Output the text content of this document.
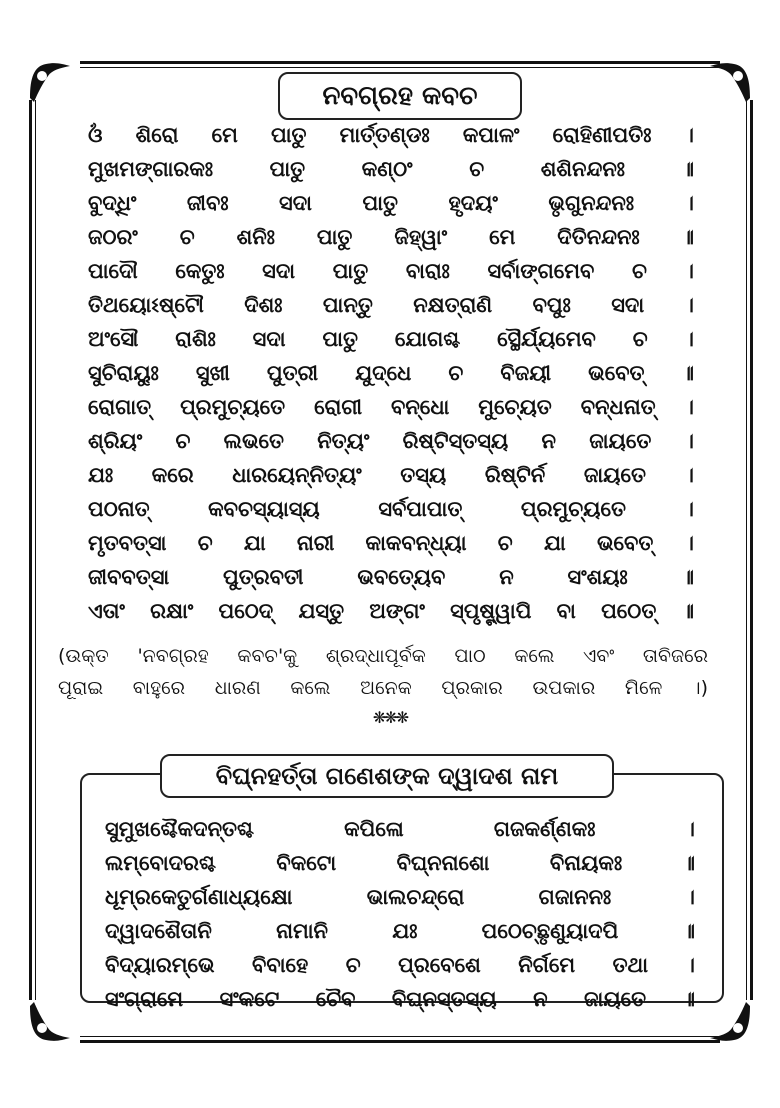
ନବଗ୍ରହ କବଚ
ଓଁ ଶିରୋ ମେ ପାତୁ ମାର୍ତ୍ତଣ୍ଡଃ କପାଳଂ ରୋହିଣୀପତିଃ ।
ମୁଖମଙ୍ଗାରକଃ ପାତୁ କଣ୍ଠଂ ଚ ଶଶିନନ୍ଦନଃ ॥
ବୁଦ୍ଧିଂ ଜୀବଃ ସଦା ପାତୁ ହୃଦୟଂ ଭୃଗୁନନ୍ଦନଃ ।
ଜଠରଂ ଚ ଶନିଃ ପାତୁ ଜିହ୍ୱାଂ ମେ ଦିତିନନ୍ଦନଃ ॥
ପାଦୌ କେତୁଃ ସଦା ପାତୁ ବାରାଃ ସର୍ବାଙ୍ଗମେବ ଚ ।
ତିଥୟୋଽଷ୍ଟୌ ଦିଶଃ ପାନ୍ତୁ ନକ୍ଷତ୍ରାଣି ବପୁଃ ସଦା ।
ଅଂସୌ ରାଶିଃ ସଦା ପାତୁ ଯୋଗଶ୍ଚ ସ୍ଥୈର୍ଯ୍ୟମେବ ଚ ।
ସୁଚିରାୟୁଃ ସୁଖୀ ପୁତ୍ରୀ ଯୁଦ୍ଧେ ଚ ବିଜୟୀ ଭବେତ୍ ॥
ରୋଗାତ୍ ପ୍ରମୁଚ୍ୟତେ ରୋଗୀ ବନ୍ଧୋ ମୁଚ୍ୟେତ ବନ୍ଧନାତ୍ ।
ଶ୍ରିୟଂ ଚ ଲଭତେ ନିତ୍ୟଂ ରିଷ୍ଟିସ୍ତସ୍ୟ ନ ଜାୟତେ ।
ଯଃ କରେ ଧାରୟେନ୍ନିତ୍ୟଂ ତସ୍ୟ ରିଷ୍ଟିର୍ନ ଜାୟତେ ।
ପଠନାତ୍ କବଚସ୍ୟାସ୍ୟ ସର୍ବପାପାତ୍ ପ୍ରମୁଚ୍ୟତେ ।
ମୃତବତ୍ସା ଚ ଯା ନାରୀ କାକବନ୍ଧ୍ୟା ଚ ଯା ଭବେତ୍ ।
ଜୀବବତ୍ସା ପୁତ୍ରବତୀ ଭବତ୍ୟେବ ନ ସଂଶୟଃ ॥
ଏତାଂ ରକ୍ଷାଂ ପଠେଦ୍ ଯସ୍ତୁ ଅଙ୍ଗଂ ସ୍ପୃଷ୍ଟ୍ୱାପି ବା ପଠେତ୍ ॥
(ଉକ୍ତ 'ନବଗ୍ରହ କବଚ'କୁ ଶ୍ରଦ୍ଧାପୂର୍ବକ ପାଠ କଲେ ଏବଂ ତାବିଜରେ
ପୂରାଇ ବାହୁରେ ଧାରଣ କଲେ ଅନେକ ପ୍ରକାର ଉପକାର ମିଳେ ।)
❋❋❋
ବିଘ୍ନହର୍ତ୍ତା ଗଣେଶଙ୍କ ଦ୍ୱାଦଶ ନାମ
ସୁମୁଖଶ୍ଚୈକଦନ୍ତଶ୍ଚ କପିଳୋ ଗଜକର୍ଣ୍ଣକଃ ।
ଲମ୍ବୋଦରଶ୍ଚ ବିକଟୋ ବିଘ୍ନନାଶୋ ବିନାୟକଃ ॥
ଧୂମ୍ରକେତୁର୍ଗଣାଧ୍ୟକ୍ଷୋ ଭାଲଚନ୍ଦ୍ରୋ ଗଜାନନଃ ।
ଦ୍ୱାଦଶୈତାନି ନାମାନି ଯଃ ପଠେଚ୍ଛୃଣୁୟାଦପି ॥
ବିଦ୍ୟାରମ୍ଭେ ବିବାହେ ଚ ପ୍ରବେଶେ ନିର୍ଗମେ ତଥା ।
ସଂଗ୍ରାମେ ସଂକଟେ ଚୈବ ବିଘ୍ନସ୍ତସ୍ୟ ନ ଜାୟତେ ॥
